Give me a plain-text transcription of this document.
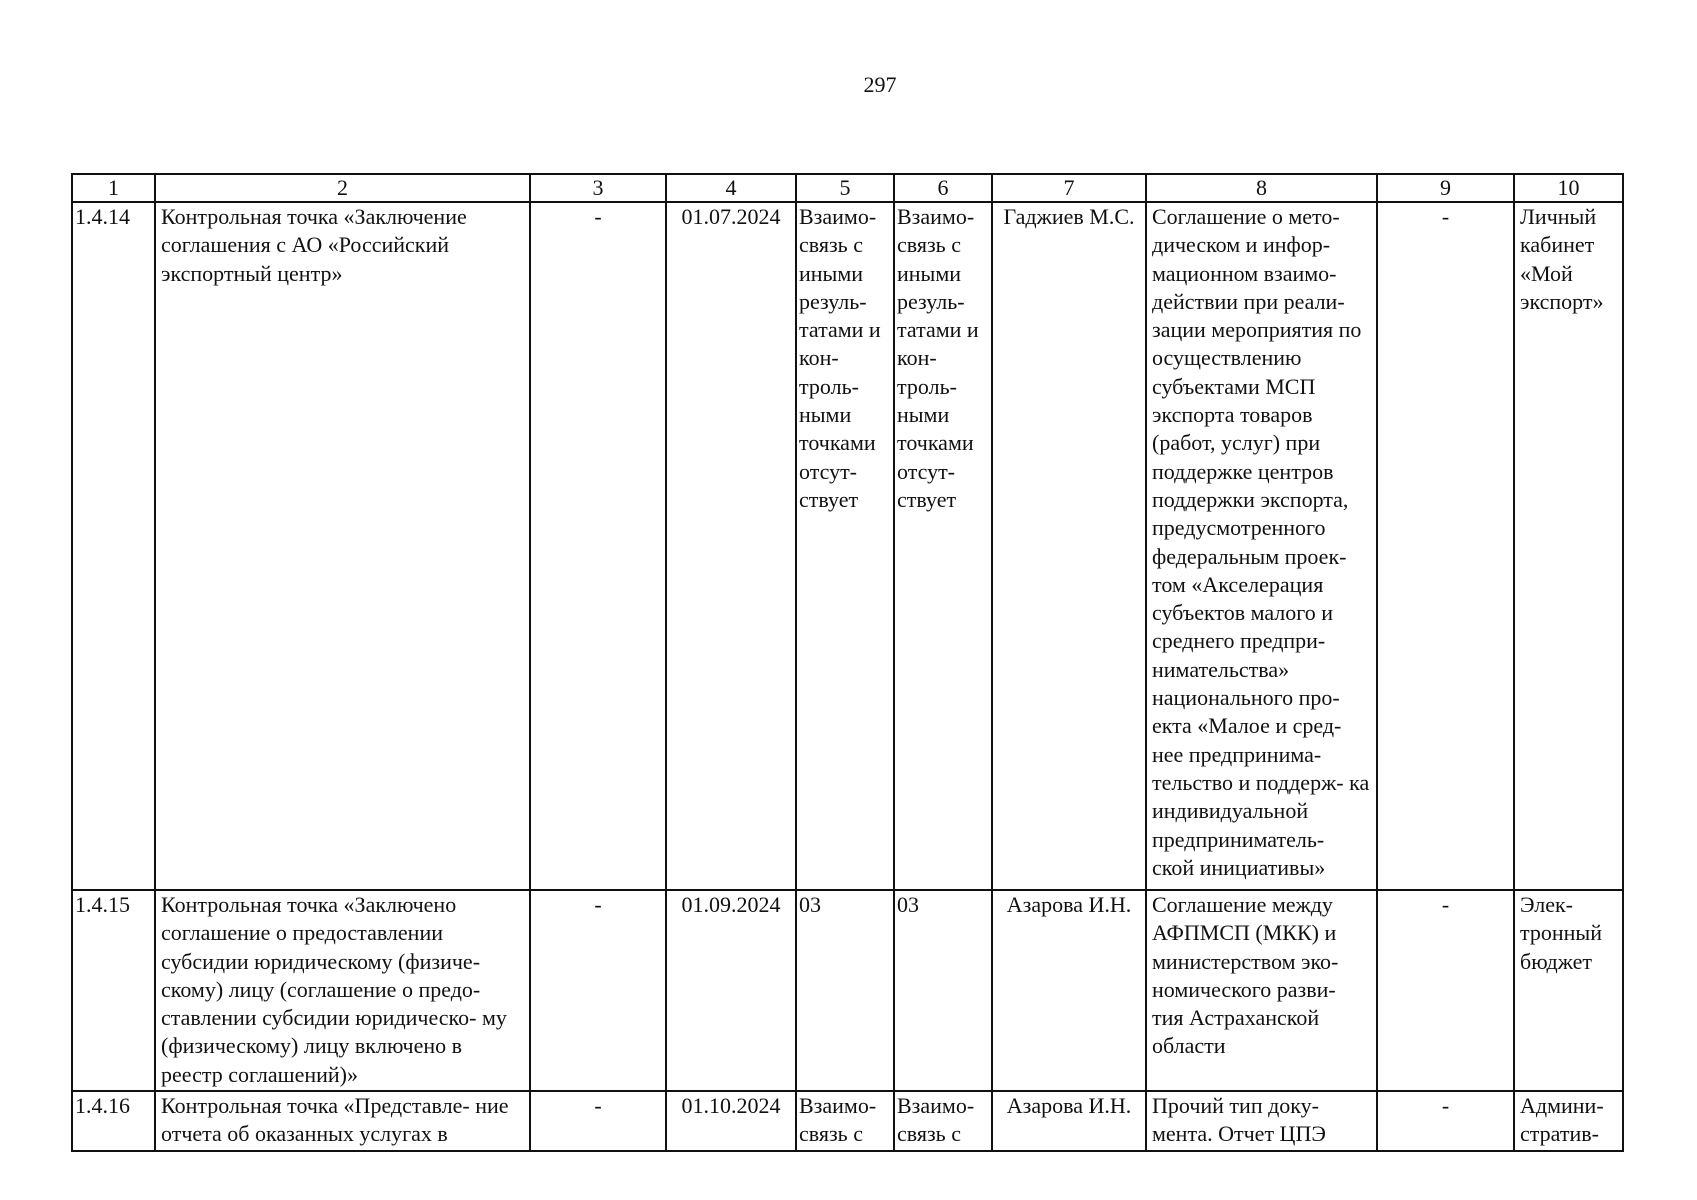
297
1	2	3	4	5	6	7	8	9	10
1.4.14	Контрольная точка «Заключение соглашения с АО «Российский экспортный центр»	-	01.07.2024	Взаимо- связь с иными резуль- татами и кон- троль- ными точками отсут- ствует	Взаимо- связь с иными резуль- татами и кон- троль- ными точками отсут- ствует	Гаджиев М.С.	Соглашение о мето- дическом и инфор- мационном взаимо- действии при реали- зации мероприятия по осуществлению субъектами МСП экспорта товаров (работ, услуг) при поддержке центров поддержки экспорта, предусмотренного федеральным проек- том «Акселерация субъектов малого и среднего предпри- нимательства» национального про- екта «Малое и сред- нее предпринима- тельство и поддерж- ка индивидуальной предприниматель- ской инициативы»	-	Личный кабинет «Мой экспорт»
1.4.15	Контрольная точка «Заключено соглашение о предоставлении субсидии юридическому (физиче- скому) лицу (соглашение о предо- ставлении субсидии юридическо- му (физическому) лицу включено в реестр соглашений)»	-	01.09.2024	03	03	Азарова И.Н.	Соглашение между АФПМСП (МКК) и министерством эко- номического разви- тия Астраханской области	-	Элек- тронный бюджет
1.4.16	Контрольная точка «Представле- ние отчета об оказанных услугах в	-	01.10.2024	Взаимо- связь с	Взаимо- связь с	Азарова И.Н.	Прочий тип доку- мента. Отчет ЦПЭ	-	Админи- стратив-
